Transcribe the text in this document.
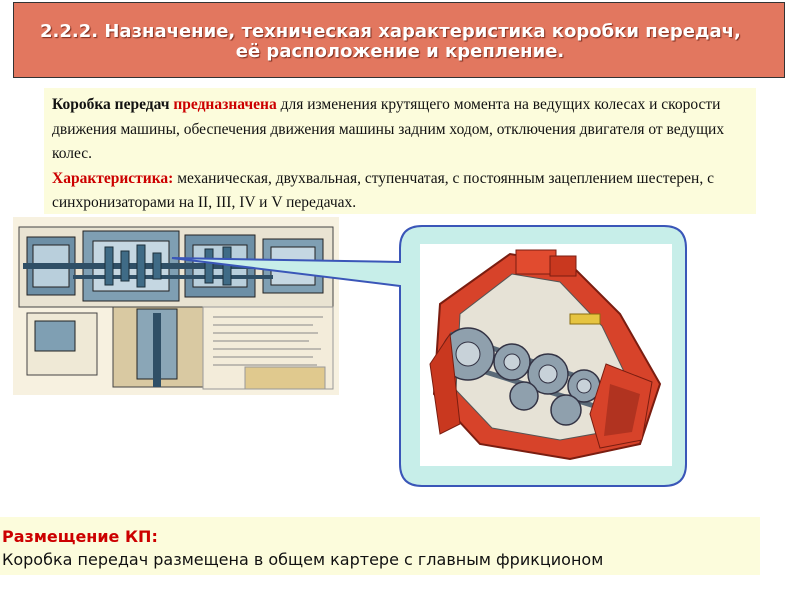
2.2.2. Назначение, техническая характеристика коробки передач,
её расположение и крепление.

Коробка передач предназначена для изменения крутящего момента на ведущих колесах и скорости движения машины, обеспечения движения машины задним ходом, отключения двигателя от ведущих колес.

Характеристика: механическая, двухвальная, ступенчатая, с постоянным зацеплением шестерен, с синхронизаторами на II, III, IV и V передачах.

Размещение КП:
Коробка передач размещена в общем картере с главным фрикционом
